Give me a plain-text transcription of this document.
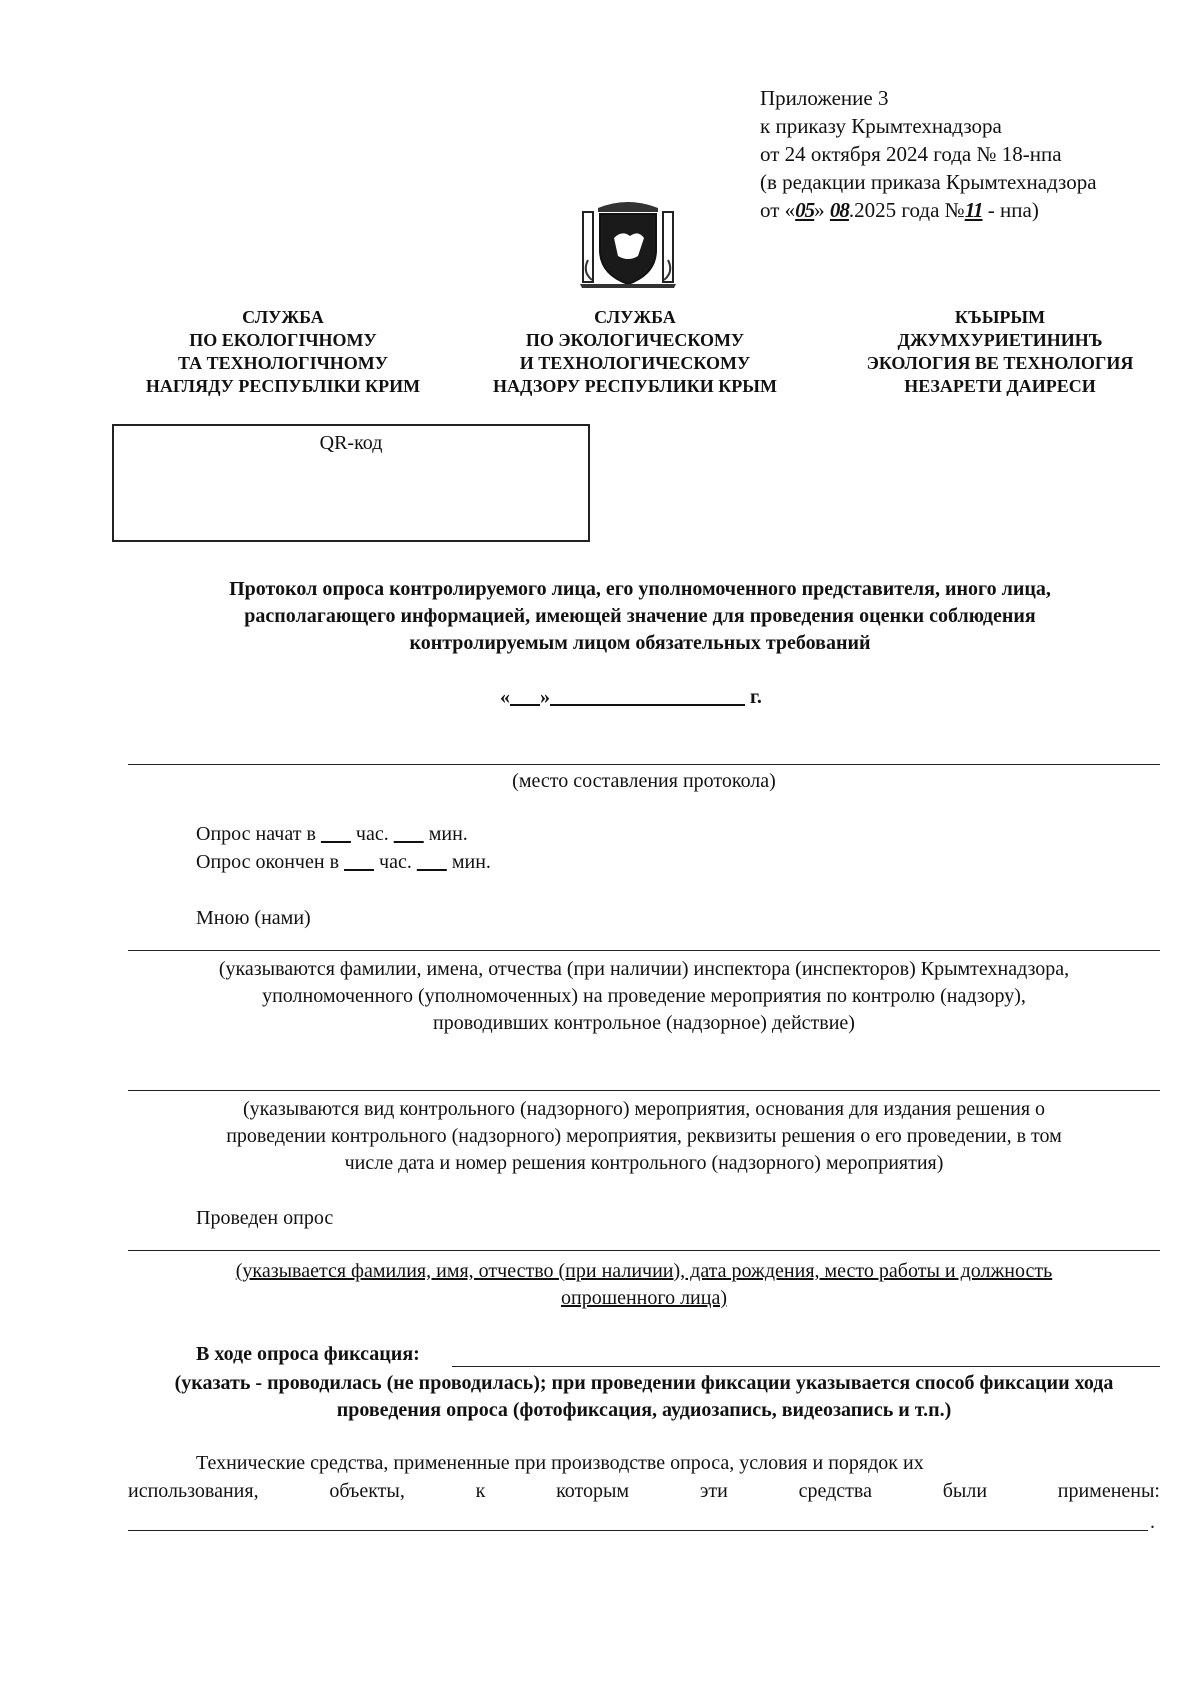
Приложение 3
к приказу Крымтехнадзора
от 24 октября 2024 года № 18-нпа
(в редакции приказа Крымтехнадзора
от «05» 08.2025 года №11 - нпа)
СЛУЖБА
ПО ЕКОЛОГІЧНОМУ
ТА ТЕХНОЛОГІЧНОМУ
НАГЛЯДУ РЕСПУБЛІКИ КРИМ
СЛУЖБА
ПО ЭКОЛОГИЧЕСКОМУ
И ТЕХНОЛОГИЧЕСКОМУ
НАДЗОРУ РЕСПУБЛИКИ КРЫМ
КЪЫРЫМ
ДЖУМХУРИЕТИНИНЪ
ЭКОЛОГИЯ ВЕ ТЕХНОЛОГИЯ
НЕЗАРЕТИ ДАИРЕСИ
QR-код
Протокол опроса контролируемого лица, его уполномоченного представителя, иного лица,
располагающего информацией, имеющей значение для проведения оценки соблюдения
контролируемым лицом обязательных требований
« »	г.
(место составления протокола)
Опрос начат в час. мин.
Опрос окончен в час. мин.
Мною (нами)
(указываются фамилии, имена, отчества (при наличии) инспектора (инспекторов) Крымтехнадзора,
уполномоченного (уполномоченных) на проведение мероприятия по контролю (надзору),
проводивших контрольное (надзорное) действие)
(указываются вид контрольного (надзорного) мероприятия, основания для издания решения о
проведении контрольного (надзорного) мероприятия, реквизиты решения о его проведении, в том
числе дата и номер решения контрольного (надзорного) мероприятия)
Проведен опрос
(указывается фамилия, имя, отчество (при наличии), дата рождения, место работы и должность
опрошенного лица)
В ходе опроса фиксация:
(указать - проводилась (не проводилась); при проведении фиксации указывается способ фиксации хода
проведения опроса (фотофиксация, аудиозапись, видеозапись и т.п.)
Технические средства, примененные при производстве опроса, условия и порядок их
использования,	объекты,	к	которым	эти	средства	были	применены:
.
